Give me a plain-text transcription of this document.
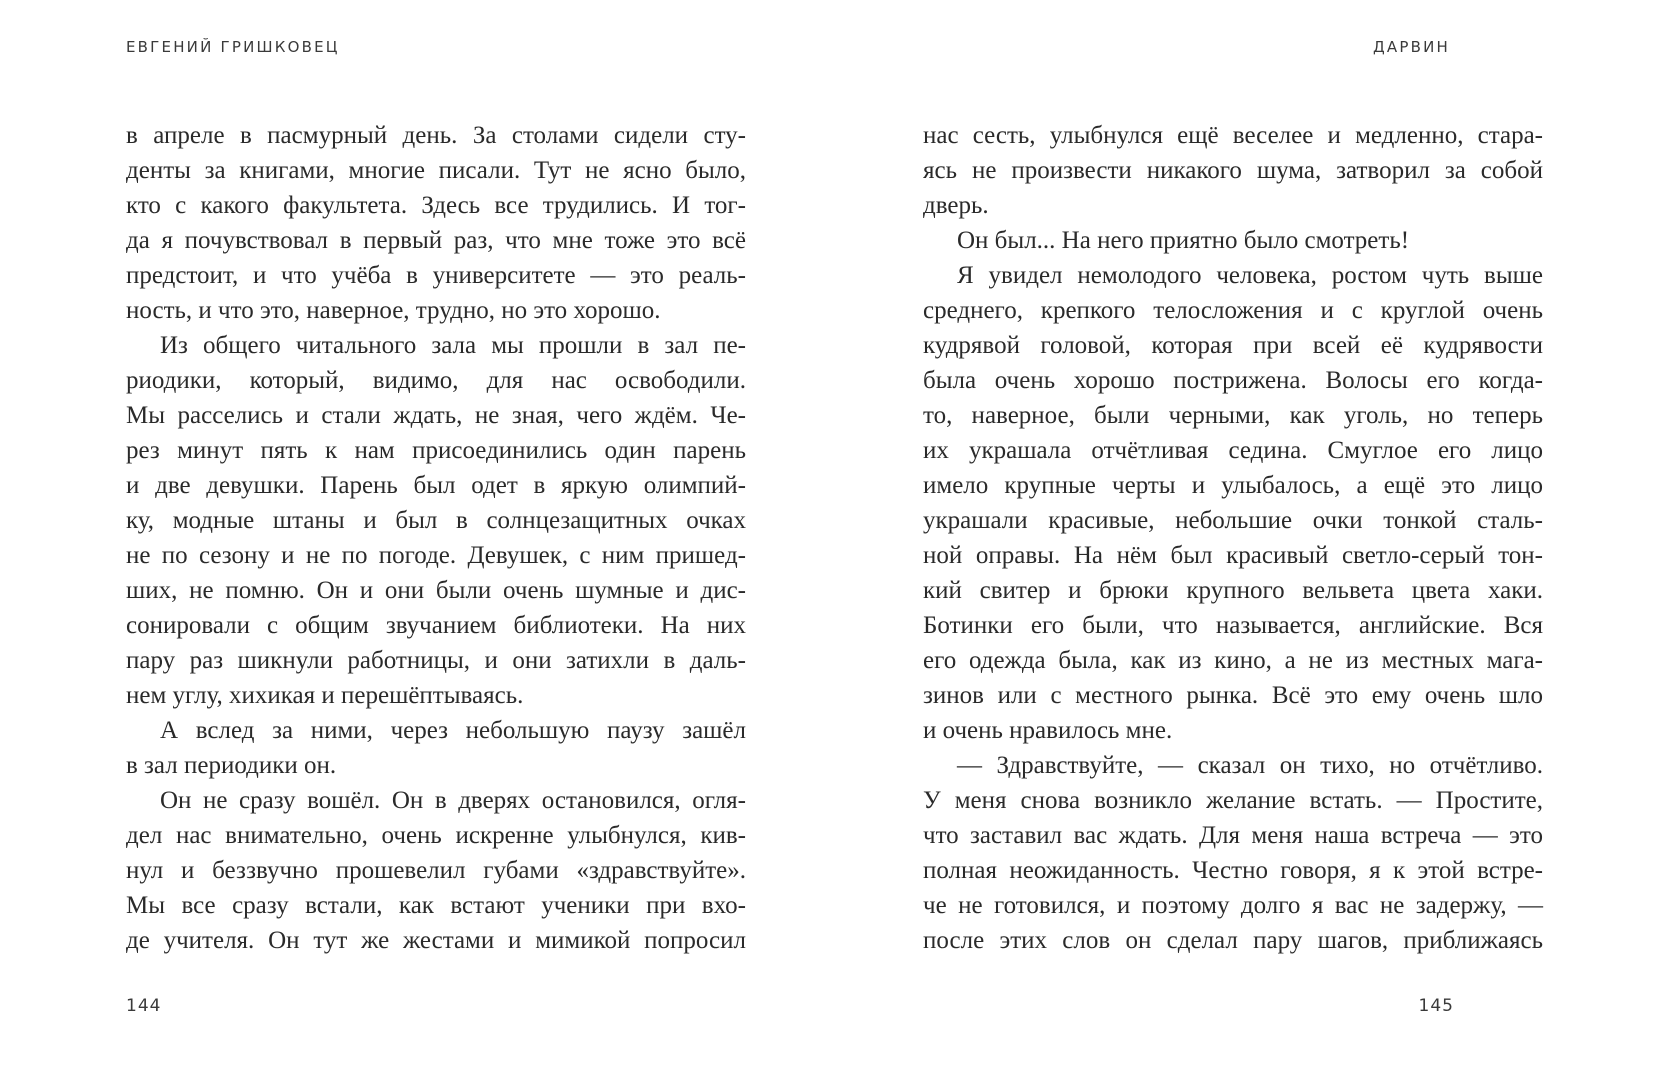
ЕВГЕНИЙ ГРИШКОВЕЦ
в апреле в пасмурный день. За столами сидели сту-
денты за книгами, многие писали. Тут не ясно было,
кто с какого факультета. Здесь все трудились. И тог-
да я почувствовал в первый раз, что мне тоже это всё
предстоит, и что учёба в университете — это реаль-
ность, и что это, наверное, трудно, но это хорошо.
Из общего читального зала мы прошли в зал пе-
риодики, который, видимо, для нас освободили.
Мы расселись и стали ждать, не зная, чего ждём. Че-
рез минут пять к нам присоединились один парень
и две девушки. Парень был одет в яркую олимпий-
ку, модные штаны и был в солнцезащитных очках
не по сезону и не по погоде. Девушек, с ним пришед-
ших, не помню. Он и они были очень шумные и дис-
сонировали с общим звучанием библиотеки. На них
пару раз шикнули работницы, и они затихли в даль-
нем углу, хихикая и перешёптываясь.
А вслед за ними, через небольшую паузу зашёл
в зал периодики он.
Он не сразу вошёл. Он в дверях остановился, огля-
дел нас внимательно, очень искренне улыбнулся, кив-
нул и беззвучно прошевелил губами «здравствуйте».
Мы все сразу встали, как встают ученики при вхо-
де учителя. Он тут же жестами и мимикой попросил
144
ДАРВИН
нас сесть, улыбнулся ещё веселее и медленно, стара-
ясь не произвести никакого шума, затворил за собой
дверь.
Он был... На него приятно было смотреть!
Я увидел немолодого человека, ростом чуть выше
среднего, крепкого телосложения и с круглой очень
кудрявой головой, которая при всей её кудрявости
была очень хорошо пострижена. Волосы его когда-
то, наверное, были черными, как уголь, но теперь
их украшала отчётливая седина. Смуглое его лицо
имело крупные черты и улыбалось, а ещё это лицо
украшали красивые, небольшие очки тонкой сталь-
ной оправы. На нём был красивый светло-серый тон-
кий свитер и брюки крупного вельвета цвета хаки.
Ботинки его были, что называется, английские. Вся
его одежда была, как из кино, а не из местных мага-
зинов или с местного рынка. Всё это ему очень шло
и очень нравилось мне.
— Здравствуйте, — сказал он тихо, но отчётливо.
У меня снова возникло желание встать. — Простите,
что заставил вас ждать. Для меня наша встреча — это
полная неожиданность. Честно говоря, я к этой встре-
че не готовился, и поэтому долго я вас не задержу, —
после этих слов он сделал пару шагов, приближаясь
145
